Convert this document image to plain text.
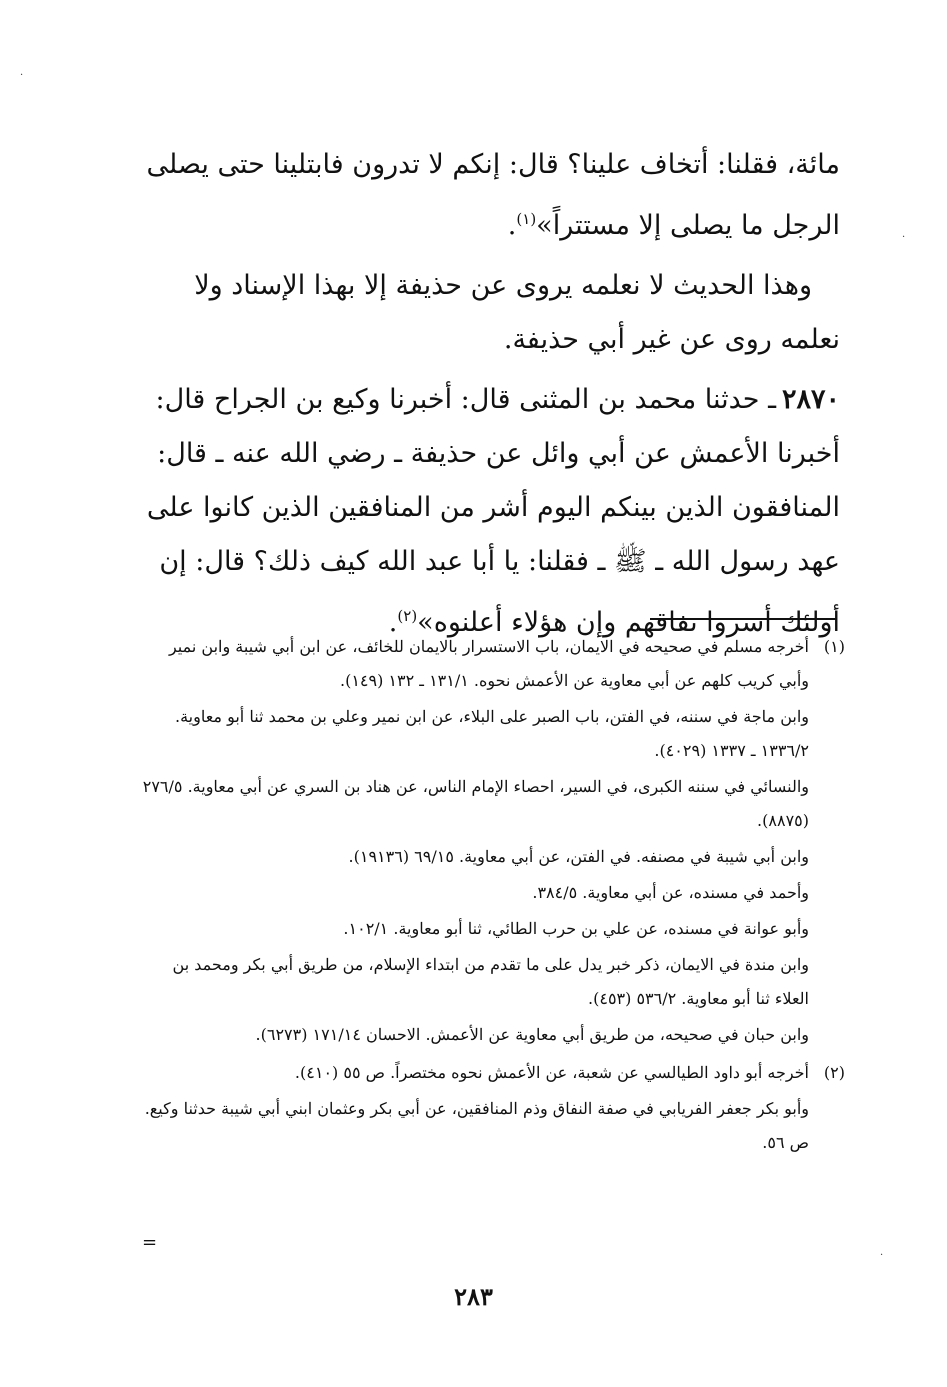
مائة، فقلنا: أتخاف علينا؟ قال: إنكم لا تدرون فابتلينا حتى يصلى الرجل ما يصلى إلا مستتراً»$^{(١)}$.

وهذا الحديث لا نعلمه يروى عن حذيفة إلا بهذا الإسناد ولا نعلمه روى عن غير أبي حذيفة.

٢٨٧٠ـ حدثنا محمد بن المثنى قال: أخبرنا وكيع بن الجراح قال: أخبرنا الأعمش عن أبي وائل عن حذيفة ـ رضي الله عنه ـ قال: المنافقون الذين بينكم اليوم أشر من المنافقين الذين كانوا على عهد رسول الله ـ ﷺ ـ فقلنا: يا أبا عبد الله كيف ذلك؟ قال: إن أولئك أسروا نفاقهم وإن هؤلاء أعلنوه»$^{(٢)}$.

(١)

أخرجه مسلم في صحيحه في الايمان، باب الاستسرار بالايمان للخائف، عن ابن أبي شيبة وابن نمير وأبي كريب كلهم عن أبي معاوية عن الأعمش نحوه. ١٣١/١ ـ ١٣٢ (١٤٩).

وابن ماجة في سننه، في الفتن، باب الصبر على البلاء، عن ابن نمير وعلي بن محمد ثنا أبو معاوية. ١٣٣٦/٢ ـ ١٣٣٧ (٤٠٢٩).

والنسائي في سننه الكبرى، في السير، احصاء الإمام الناس، عن هناد بن السري عن أبي معاوية. ٢٧٦/٥ (٨٨٧٥).

وابن أبي شيبة في مصنفه. في الفتن، عن أبي معاوية. ٦٩/١٥ (١٩١٣٦).

وأحمد في مسنده، عن أبي معاوية. ٣٨٤/٥.

وأبو عوانة في مسنده، عن علي بن حرب الطائي، ثنا أبو معاوية. ١٠٢/١.

وابن مندة في الايمان، ذكر خبر يدل على ما تقدم من ابتداء الإسلام، من طريق أبي بكر ومحمد بن العلاء ثنا أبو معاوية. ٥٣٦/٢ (٤٥٣).

وابن حبان في صحيحه، من طريق أبي معاوية عن الأعمش. الاحسان ١٧١/١٤ (٦٢٧٣).

(٢)

أخرجه أبو داود الطيالسي عن شعبة، عن الأعمش نحوه مختصراً. ص ٥٥ (٤١٠).

وأبو بكر جعفر الفريابي في صفة النفاق وذم المنافقين، عن أبي بكر وعثمان ابني أبي شيبة حدثنا وكيع. ص ٥٦.

=
٢٨٣
·
·
·
